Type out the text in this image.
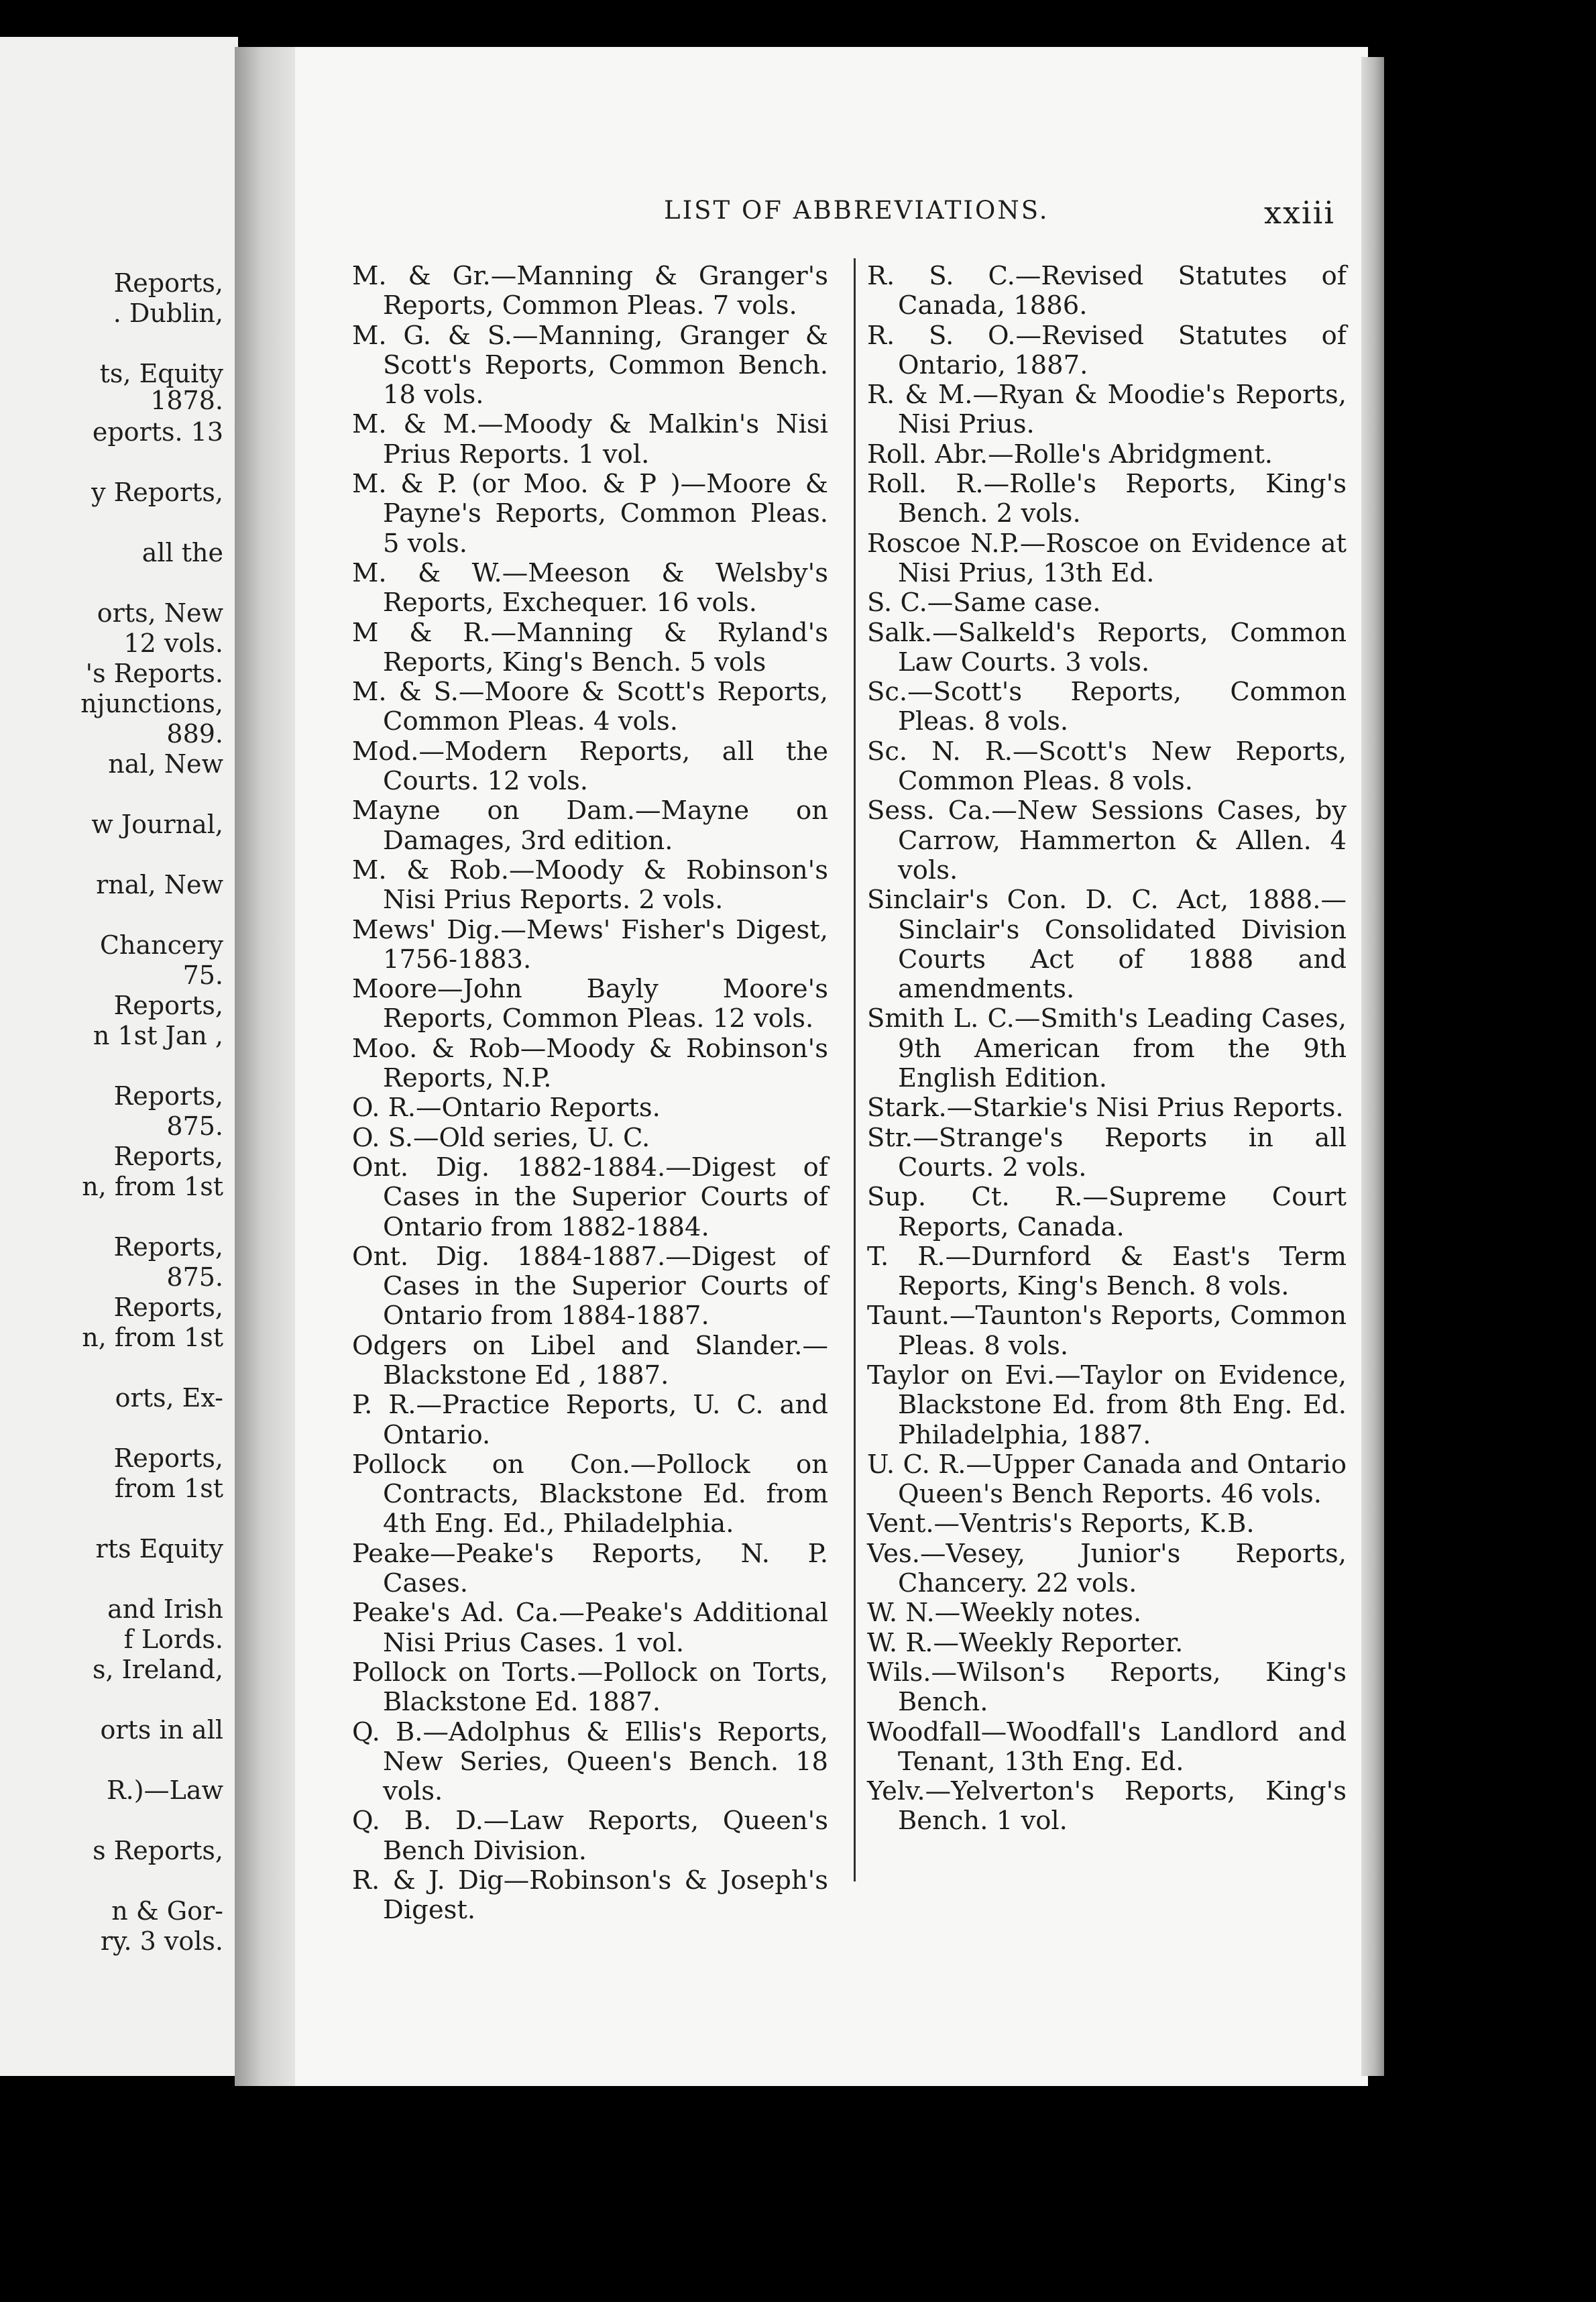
Reports,
. Dublin,
ts, Equity
1878.
eports. 13
y Reports,
all the
orts, New
12 vols.
's Reports.
njunctions,
889.
nal, New
w Journal,
rnal, New
Chancery
75.
Reports,
n 1st Jan ,
Reports,
875.
Reports,
n, from 1st
Reports,
875.
Reports,
n, from 1st
orts, Ex-
Reports,
from 1st
rts Equity
and Irish
f Lords.
s, Ireland,
orts in all
R.)—Law
s Reports,
n & Gor-
ry. 3 vols.
LIST OF ABBREVIATIONS.	xxiii

M. & Gr.—Manning & Granger's Reports, Common Pleas. 7 vols.

M. G. & S.—Manning, Granger & Scott's Reports, Common Bench. 18 vols.

M. & M.—Moody & Malkin's Nisi Prius Reports. 1 vol.

M. & P. (or Moo. & P )—Moore & Payne's Reports, Common Pleas. 5 vols.

M. & W.—Meeson & Welsby's Reports, Exchequer. 16 vols.

M & R.—Manning & Ryland's Reports, King's Bench. 5 vols

M. & S.—Moore & Scott's Reports, Common Pleas. 4 vols.

Mod.—Modern Reports, all the Courts. 12 vols.

Mayne on Dam.—Mayne on Damages, 3rd edition.

M. & Rob.—Moody & Robinson's Nisi Prius Reports. 2 vols.

Mews' Dig.—Mews' Fisher's Digest, 1756-1883.

Moore—John Bayly Moore's Reports, Common Pleas. 12 vols.

Moo. & Rob—Moody & Robinson's Reports, N.P.

O. R.—Ontario Reports.

O. S.—Old series, U. C.

Ont. Dig. 1882-1884.—Digest of Cases in the Superior Courts of Ontario from 1882-1884.

Ont. Dig. 1884-1887.—Digest of Cases in the Superior Courts of Ontario from 1884-1887.

Odgers on Libel and Slander.—Blackstone Ed , 1887.

P. R.—Practice Reports, U. C. and Ontario.

Pollock on Con.—Pollock on Contracts, Blackstone Ed. from 4th Eng. Ed., Philadelphia.

Peake—Peake's Reports, N. P. Cases.

Peake's Ad. Ca.—Peake's Additional Nisi Prius Cases. 1 vol.

Pollock on Torts.—Pollock on Torts, Blackstone Ed. 1887.

Q. B.—Adolphus & Ellis's Reports, New Series, Queen's Bench. 18 vols.

Q. B. D.—Law Reports, Queen's Bench Division.

R. & J. Dig—Robinson's & Joseph's Digest.

R. S. C.—Revised Statutes of Canada, 1886.

R. S. O.—Revised Statutes of Ontario, 1887.

R. & M.—Ryan & Moodie's Reports, Nisi Prius.

Roll. Abr.—Rolle's Abridgment.

Roll. R.—Rolle's Reports, King's Bench. 2 vols.

Roscoe N.P.—Roscoe on Evidence at Nisi Prius, 13th Ed.

S. C.—Same case.

Salk.—Salkeld's Reports, Common Law Courts. 3 vols.

Sc.—Scott's Reports, Common Pleas. 8 vols.

Sc. N. R.—Scott's New Reports, Common Pleas. 8 vols.

Sess. Ca.—New Sessions Cases, by Carrow, Hammerton & Allen. 4 vols.

Sinclair's Con. D. C. Act, 1888.—Sinclair's Consolidated Division Courts Act of 1888 and amendments.

Smith L. C.—Smith's Leading Cases, 9th American from the 9th English Edition.

Stark.—Starkie's Nisi Prius Reports.

Str.—Strange's Reports in all Courts. 2 vols.

Sup. Ct. R.—Supreme Court Reports, Canada.

T. R.—Durnford & East's Term Reports, King's Bench. 8 vols.

Taunt.—Taunton's Reports, Common Pleas. 8 vols.

Taylor on Evi.—Taylor on Evidence, Blackstone Ed. from 8th Eng. Ed. Philadelphia, 1887.

U. C. R.—Upper Canada and Ontario Queen's Bench Reports. 46 vols.

Vent.—Ventris's Reports, K.B.

Ves.—Vesey, Junior's Reports, Chancery. 22 vols.

W. N.—Weekly notes.

W. R.—Weekly Reporter.

Wils.—Wilson's Reports, King's Bench.

Woodfall—Woodfall's Landlord and Tenant, 13th Eng. Ed.

Yelv.—Yelverton's Reports, King's Bench. 1 vol.
